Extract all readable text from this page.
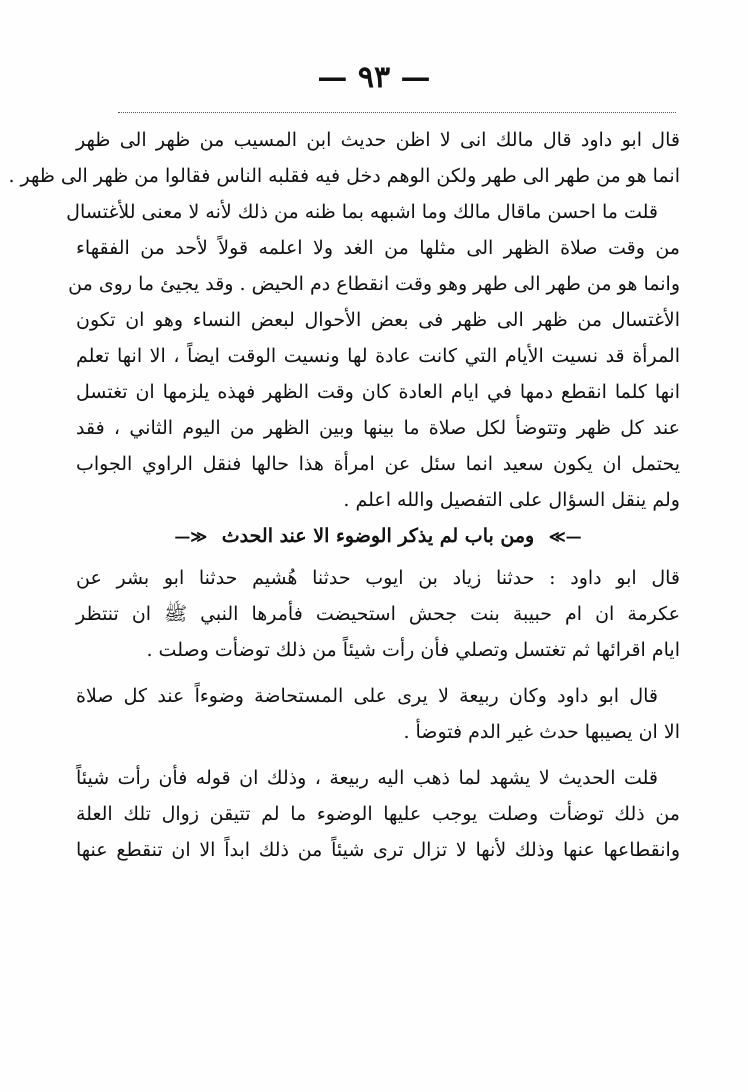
— ٩٣ —
قال ابو داود قال مالك انى لا اظن حديث ابن المسيب من ظهر الى ظهر
انما هو من طهر الى طهر ولكن الوهم دخل فيه فقلبه الناس فقالوا من ظهر الى ظهر .
قلت ما احسن ماقال مالك وما اشبهه بما ظنه من ذلك لأنه لا معنى للأغتسال
من وقت صلاة الظهر الى مثلها من الغد ولا اعلمه قولاً لأحد من الفقهاء
وانما هو من طهر الى طهر وهو وقت انقطاع دم الحيض . وقد يجيئ ما روى من
الأغتسال من ظهر الى ظهر فى بعض الأحوال لبعض النساء وهو ان تكون
المرأة قد نسيت الأيام التي كانت عادة لها ونسيت الوقت ايضاً ، الا انها تعلم
انها كلما انقطع دمها في ايام العادة كان وقت الظهر فهذه يلزمها ان تغتسل
عند كل ظهر وتتوضأ لكل صلاة ما بينها وبين الظهر من اليوم الثاني ، فقد
يحتمل ان يكون سعيد انما سئل عن امرأة هذا حالها فنقل الراوي الجواب
ولم ينقل السؤال على التفصيل والله اعلم .
—≫ ومن باب لم يذكر الوضوء الا عند الحدث ≪—
قال ابو داود : حدثنا زياد بن ايوب حدثنا هُشيم حدثنا ابو بشر عن
عكرمة ان ام حبيبة بنت جحش استحيضت فأمرها النبي ﷺ ان تنتظر
ايام اقرائها ثم تغتسل وتصلي فأن رأت شيئاً من ذلك توضأت وصلت .
قال ابو داود وكان ربيعة لا يرى على المستحاضة وضوءاً عند كل صلاة
الا ان يصيبها حدث غير الدم فتوضأ .
قلت الحديث لا يشهد لما ذهب اليه ربيعة ، وذلك ان قوله فأن رأت شيئاً
من ذلك توضأت وصلت يوجب عليها الوضوء ما لم تتيقن زوال تلك العلة
وانقطاعها عنها وذلك لأنها لا تزال ترى شيئاً من ذلك ابداً الا ان تنقطع عنها
